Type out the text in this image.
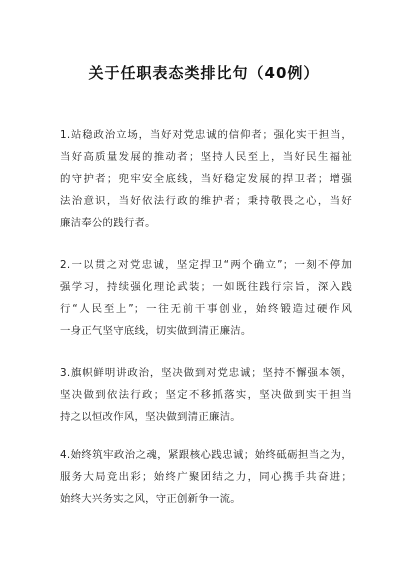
关于任职表态类排比句（40例）
1.站稳政治立场，当好对党忠诚的信仰者；强化实干担当，
当好高质量发展的推动者；坚持人民至上，当好民生福祉
的守护者；兜牢安全底线，当好稳定发展的捍卫者；增强
法治意识，当好依法行政的维护者；秉持敬畏之心，当好
廉洁奉公的践行者。
2.一以贯之对党忠诚，坚定捍卫“两个确立”；一刻不停加
强学习，持续强化理论武装；一如既往践行宗旨，深入践
行“人民至上”；一往无前干事创业，始终锻造过硬作风
一身正气坚守底线，切实做到清正廉洁。
3.旗帜鲜明讲政治，坚决做到对党忠诚；坚持不懈强本领，
坚决做到依法行政；坚定不移抓落实，坚决做到实干担当
持之以恒改作风，坚决做到清正廉洁。
4.始终筑牢政治之魂，紧跟核心践忠诚；始终砥砺担当之为，
服务大局竞出彩；始终广聚团结之力，同心携手共奋进；
始终大兴务实之风，守正创新争一流。
